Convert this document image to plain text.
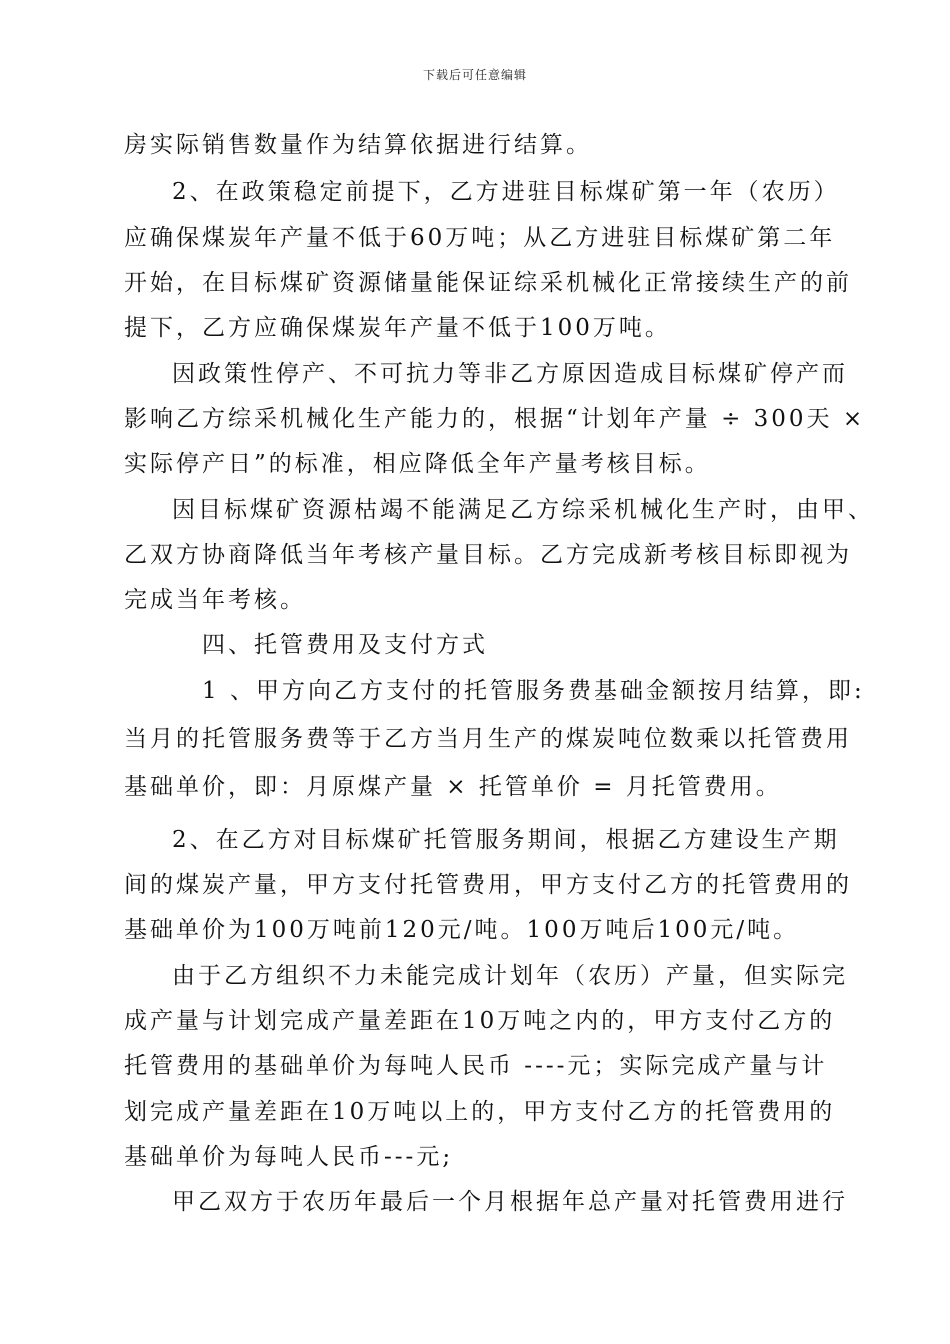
下载后可任意编辑
房实际销售数量作为结算依据进行结算。
2、在政策稳定前提下，乙方进驻目标煤矿第一年（农历）
应确保煤炭年产量不低于60万吨；从乙方进驻目标煤矿第二年
开始，在目标煤矿资源储量能保证综采机械化正常接续生产的前
提下，乙方应确保煤炭年产量不低于100万吨。
因政策性停产、不可抗力等非乙方原因造成目标煤矿停产而
影响乙方综采机械化生产能力的，根据“计划年产量 ÷ 300天 ×
实际停产日”的标准，相应降低全年产量考核目标。
因目标煤矿资源枯竭不能满足乙方综采机械化生产时，由甲、
乙双方协商降低当年考核产量目标。乙方完成新考核目标即视为
完成当年考核。
四、托管费用及支付方式
1 、甲方向乙方支付的托管服务费基础金额按月结算，即:
当月的托管服务费等于乙方当月生产的煤炭吨位数乘以托管费用
基础单价，即：月原煤产量 × 托管单价 = 月托管费用。
2、在乙方对目标煤矿托管服务期间，根据乙方建设生产期
间的煤炭产量，甲方支付托管费用，甲方支付乙方的托管费用的
基础单价为100万吨前120元/吨。100万吨后100元/吨。
由于乙方组织不力未能完成计划年（农历）产量，但实际完
成产量与计划完成产量差距在10万吨之内的，甲方支付乙方的
托管费用的基础单价为每吨人民币 ----元；实际完成产量与计
划完成产量差距在10万吨以上的，甲方支付乙方的托管费用的
基础单价为每吨人民币---元;
甲乙双方于农历年最后一个月根据年总产量对托管费用进行
